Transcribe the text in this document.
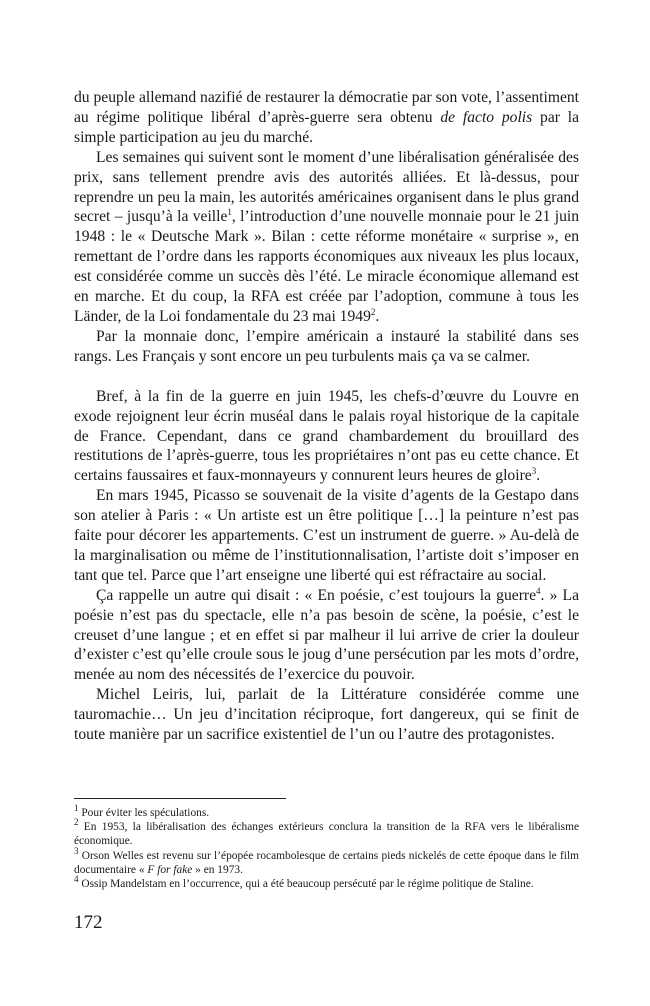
du peuple allemand nazifié de restaurer la démocratie par son vote, l’assentiment au régime politique libéral d’après-guerre sera obtenu de facto polis par la simple participation au jeu du marché.

Les semaines qui suivent sont le moment d’une libéralisation généralisée des prix, sans tellement prendre avis des autorités alliées. Et là-dessus, pour reprendre un peu la main, les autorités américaines organisent dans le plus grand secret – jusqu’à la veille$^1$, l’introduction d’une nouvelle monnaie pour le 21 juin 1948 : le « Deutsche Mark ». Bilan : cette réforme monétaire « surprise », en remettant de l’ordre dans les rapports économiques aux niveaux les plus locaux, est considérée comme un succès dès l’été. Le miracle économique allemand est en marche. Et du coup, la RFA est créée par l’adoption, commune à tous les Länder, de la Loi fondamentale du 23 mai 1949$^2$.

Par la monnaie donc, l’empire américain a instauré la stabilité dans ses rangs. Les Français y sont encore un peu turbulents mais ça va se calmer.

Bref, à la fin de la guerre en juin 1945, les chefs-d’œuvre du Louvre en exode rejoignent leur écrin muséal dans le palais royal historique de la capitale de France. Cependant, dans ce grand chambardement du brouillard des restitutions de l’après-guerre, tous les propriétaires n’ont pas eu cette chance. Et certains faussaires et faux-monnayeurs y connurent leurs heures de gloire$^3$.

En mars 1945, Picasso se souvenait de la visite d’agents de la Gestapo dans son atelier à Paris : « Un artiste est un être politique […] la peinture n’est pas faite pour décorer les appartements. C’est un instrument de guerre. » Au-delà de la marginalisation ou même de l’institutionnalisation, l’artiste doit s’imposer en tant que tel. Parce que l’art enseigne une liberté qui est réfractaire au social.

Ça rappelle un autre qui disait : « En poésie, c’est toujours la guerre$^4$. » La poésie n’est pas du spectacle, elle n’a pas besoin de scène, la poésie, c’est le creuset d’une langue ; et en effet si par malheur il lui arrive de crier la douleur d’exister c’est qu’elle croule sous le joug d’une persécution par les mots d’ordre, menée au nom des nécessités de l’exercice du pouvoir.

Michel Leiris, lui, parlait de la Littérature considérée comme une tauromachie… Un jeu d’incitation réciproque, fort dangereux, qui se finit de toute manière par un sacrifice existentiel de l’un ou l’autre des protagonistes.

$^1$ Pour éviter les spéculations.

$^2$ En 1953, la libéralisation des échanges extérieurs conclura la transition de la RFA vers le libéralisme économique.

$^3$ Orson Welles est revenu sur l’épopée rocambolesque de certains pieds nickelés de cette époque dans le film documentaire « F for fake » en 1973.

$^4$ Ossip Mandelstam en l’occurrence, qui a été beaucoup persécuté par le régime politique de Staline.

172
